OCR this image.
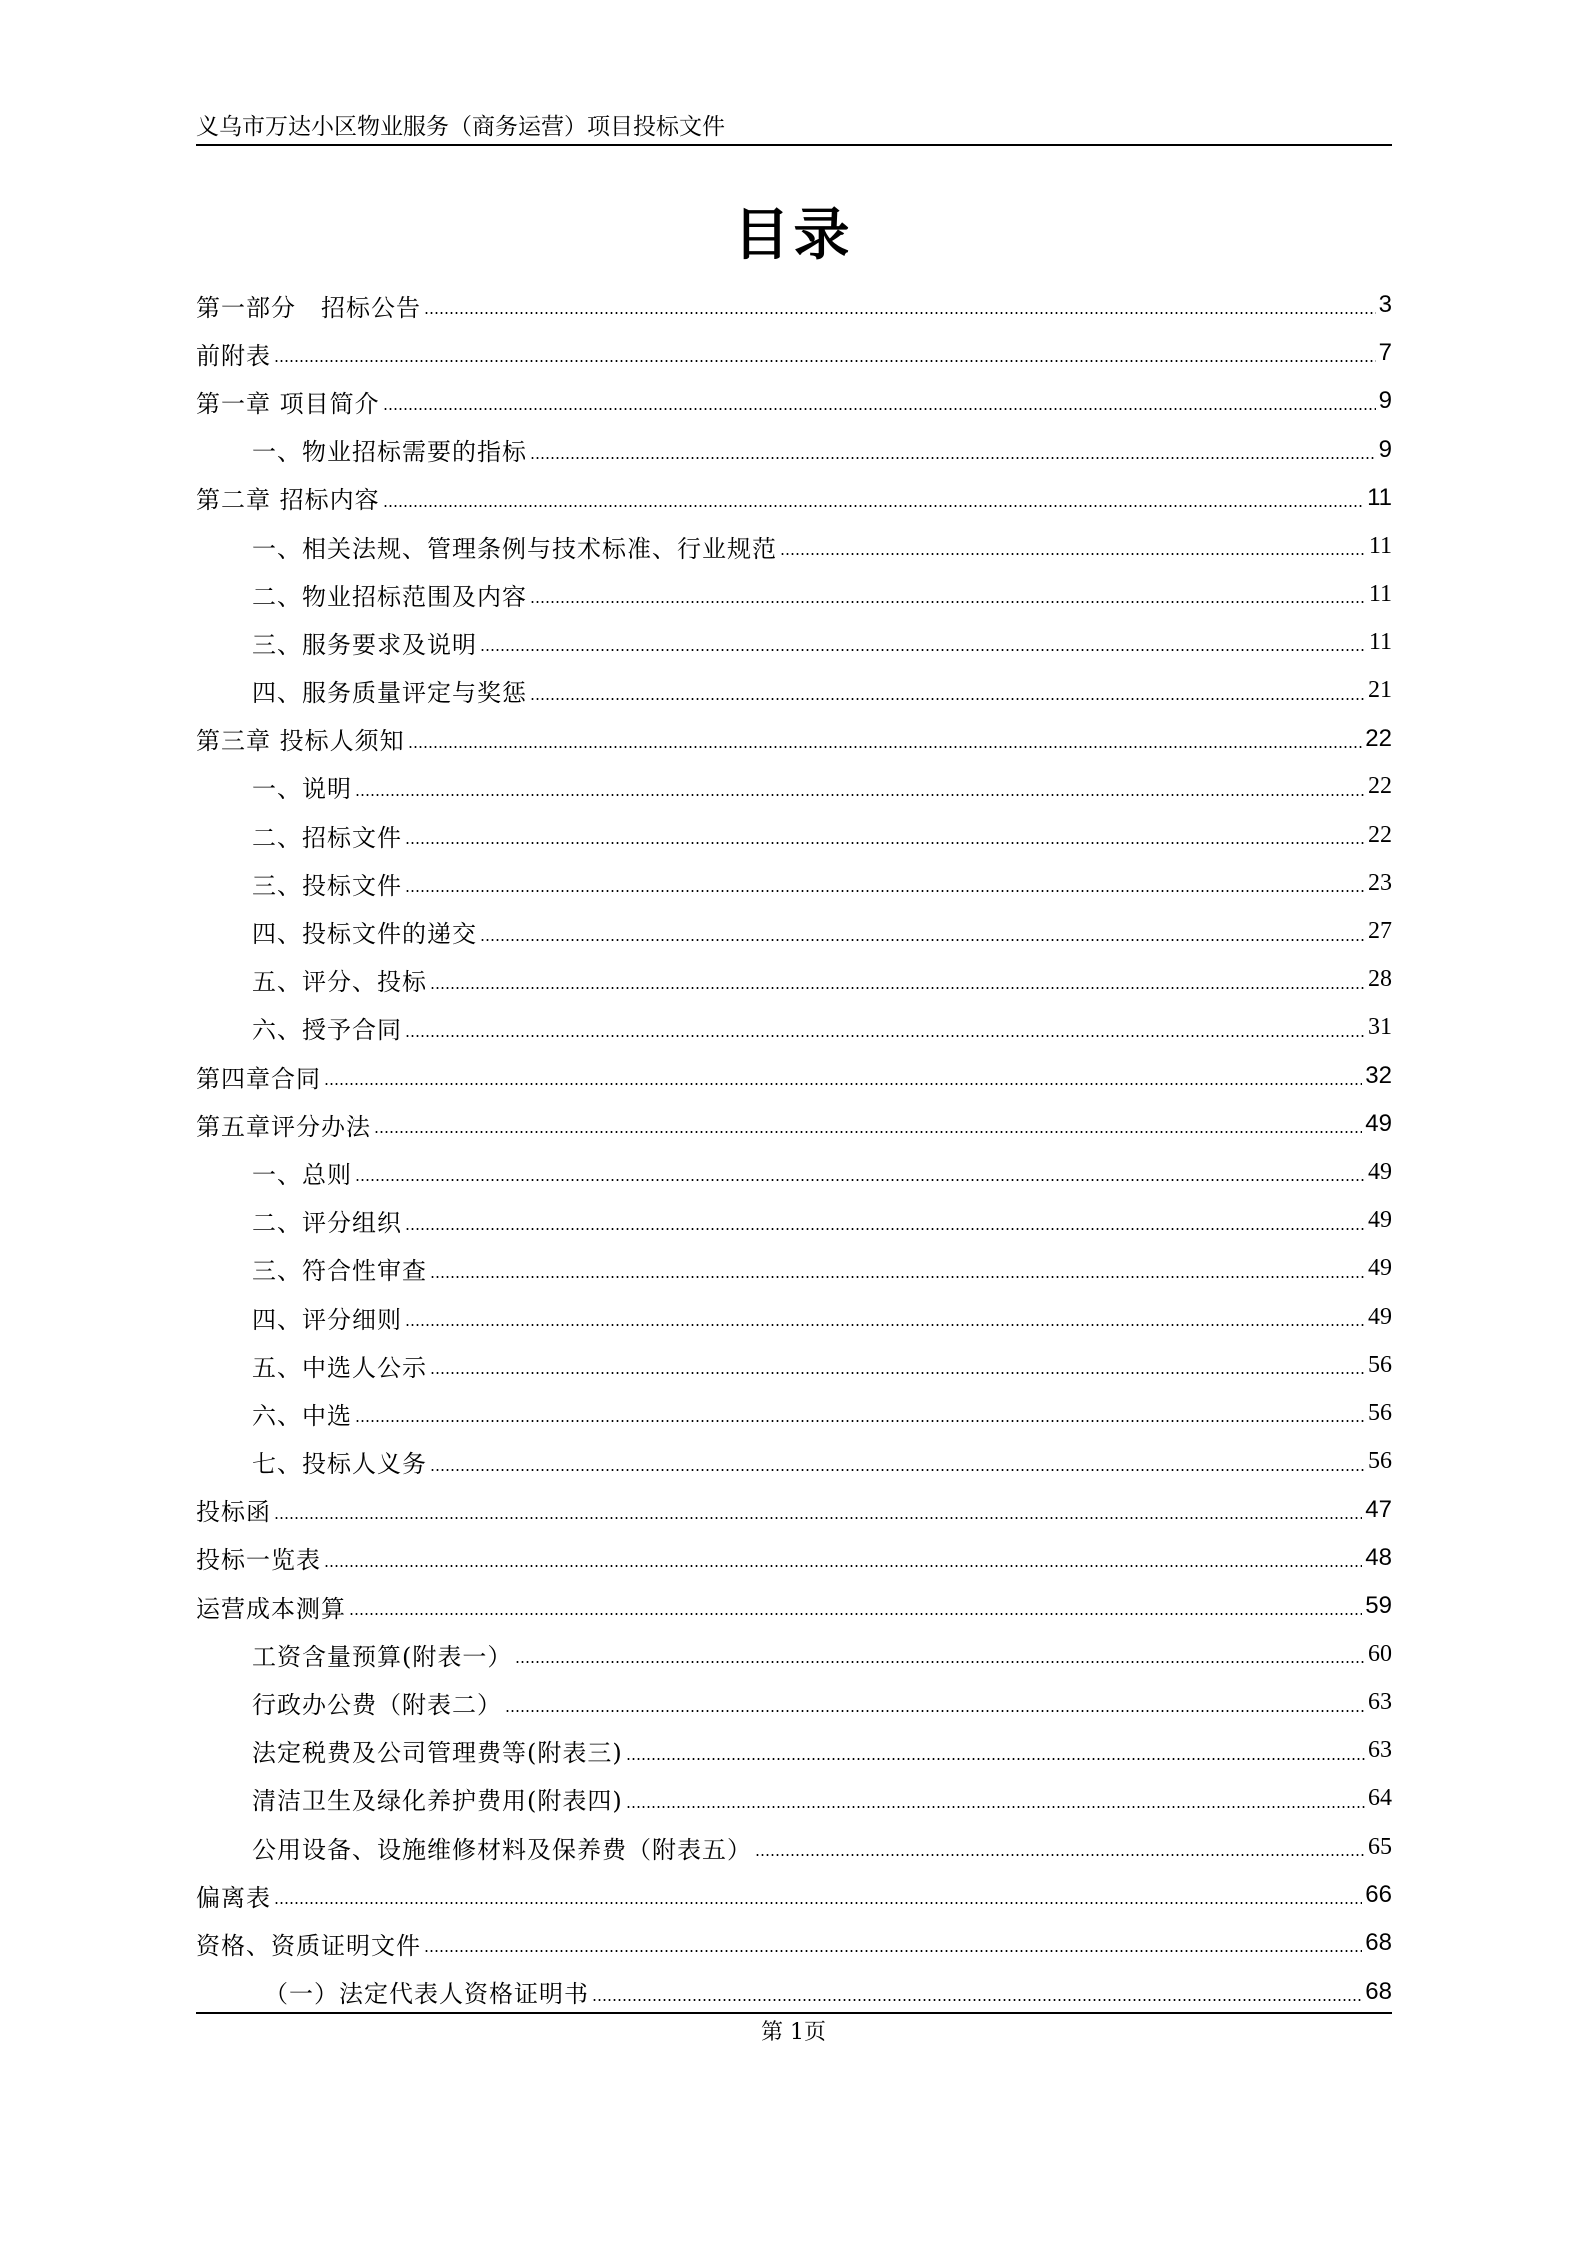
义乌市万达小区物业服务（商务运营）项目投标文件
目录
第一部分　招标公告	3
前附表	7
第一章 项目简介	9
一、物业招标需要的指标	9
第二章 招标内容	11
一、相关法规、管理条例与技术标准、行业规范	11
二、物业招标范围及内容	11
三、服务要求及说明	11
四、服务质量评定与奖惩	21
第三章 投标人须知	22
一、说明	22
二、招标文件	22
三、投标文件	23
四、投标文件的递交	27
五、评分、投标	28
六、授予合同	31
第四章合同	32
第五章评分办法	49
一、总则	49
二、评分组织	49
三、符合性审查	49
四、评分细则	49
五、中选人公示	56
六、中选	56
七、投标人义务	56
投标函	47
投标一览表	48
运营成本测算	59
工资含量预算(附表一）	60
行政办公费（附表二）	63
法定税费及公司管理费等(附表三)	63
清洁卫生及绿化养护费用(附表四)	64
公用设备、设施维修材料及保养费（附表五）	65
偏离表	66
资格、资质证明文件	68
（一）法定代表人资格证明书	68
第 1页
